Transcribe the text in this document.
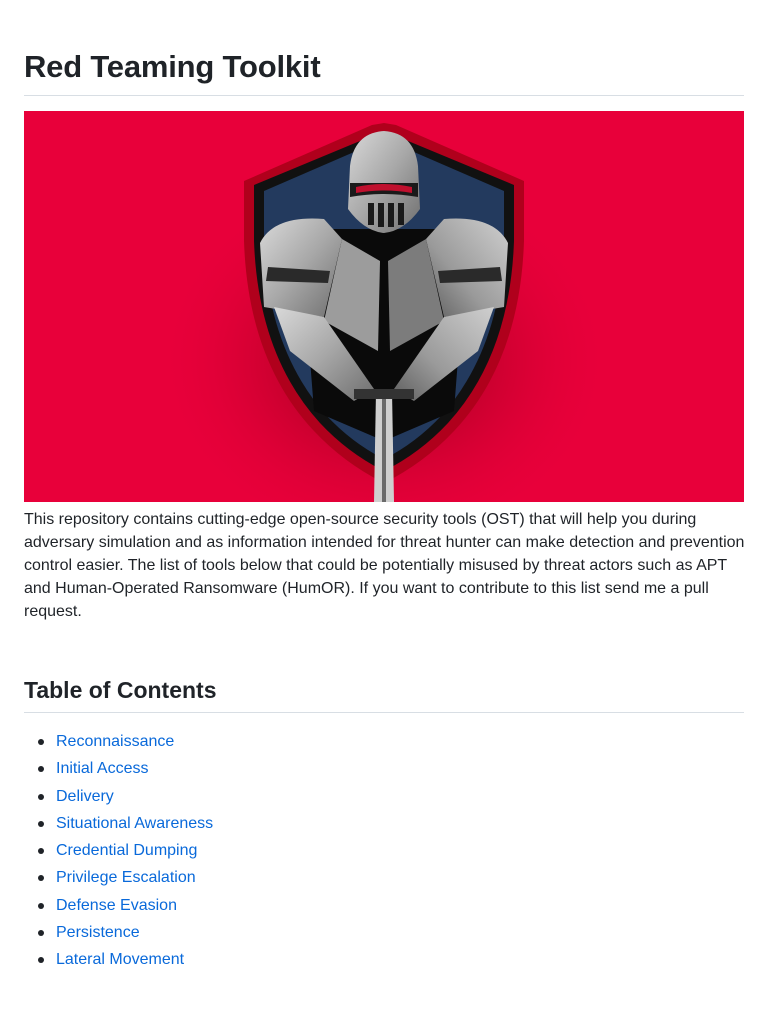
Red Teaming Toolkit

This repository contains cutting-edge open-source security tools (OST) that will help you during adversary simulation and as information intended for threat hunter can make detection and prevention control easier. The list of tools below that could be potentially misused by threat actors such as APT and Human-Operated Ransomware (HumOR). If you want to contribute to this list send me a pull request.

Table of Contents
Reconnaissance
Initial Access
Delivery
Situational Awareness
Credential Dumping
Privilege Escalation
Defense Evasion
Persistence
Lateral Movement
